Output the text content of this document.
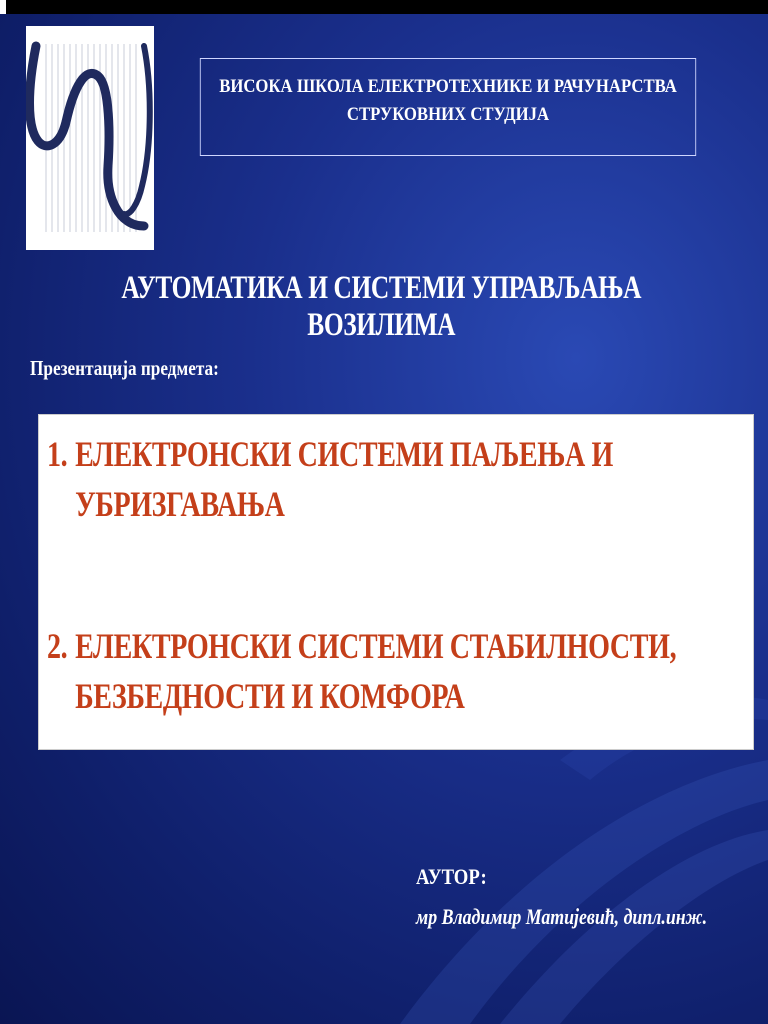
ВИСОКА ШКОЛА ЕЛЕКТРОТЕХНИКЕ И РАЧУНАРСТВА
СТРУКОВНИХ СТУДИЈА
АУТОМАТИКА И СИСТЕМИ УПРАВЉАЊА ВОЗИЛИМА
Презентација предмета:
1. ЕЛЕКТРОНСКИ СИСТЕМИ ПАЉЕЊА И
УБРИЗГАВАЊА
2. ЕЛЕКТРОНСКИ СИСТЕМИ СТАБИЛНОСТИ,
БЕЗБЕДНОСТИ И КОМФОРА
АУТОР:
мр Владимир Матијевић, дипл.инж.
